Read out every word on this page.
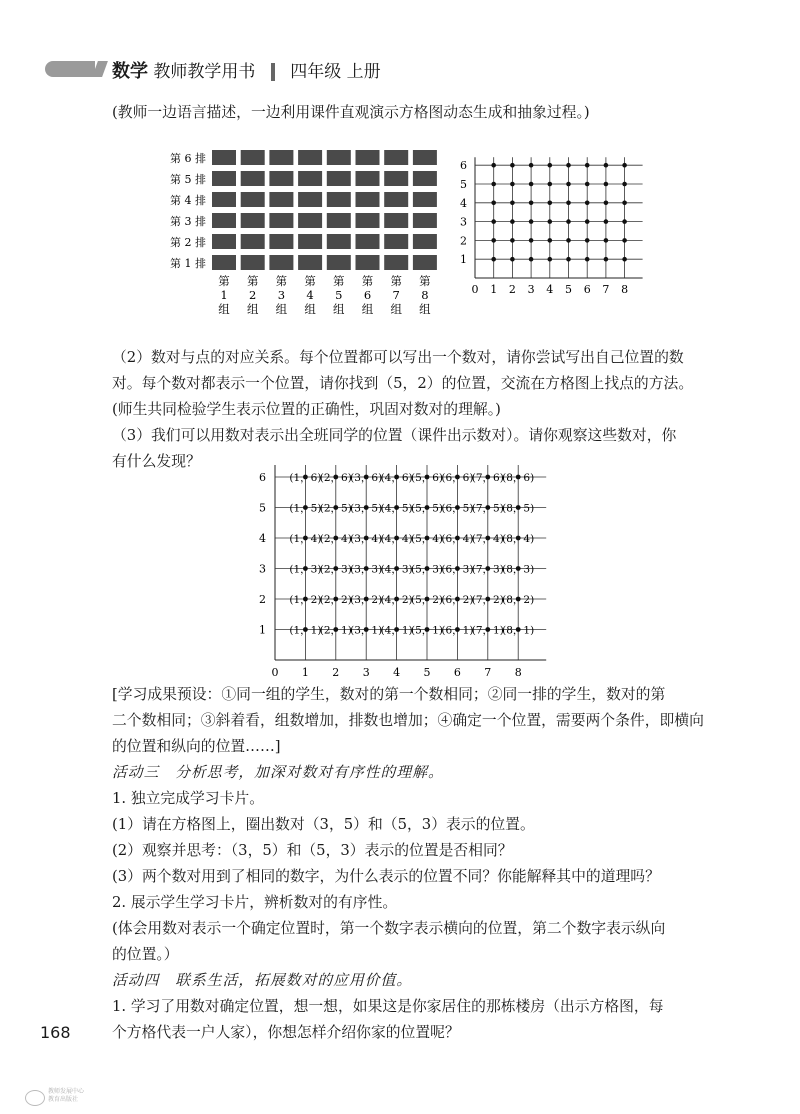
数学 教师教学用书 四年级 上册
(教师一边语言描述，一边利用课件直观演示方格图动态生成和抽象过程。)
第 6 排
第 5 排
第 4 排
第 3 排
第 2 排
第 1 排
第
1
组
第
2
组
第
3
组
第
4
组
第
5
组
第
6
组
第
7
组
第
8
组
0 1 2 3 4 5 6 7 8
1
2
3
4
5
6
（2）数对与点的对应关系。每个位置都可以写出一个数对，请你尝试写出自己位置的数
对。每个数对都表示一个位置，请你找到（5，2）的位置，交流在方格图上找点的方法。
(师生共同检验学生表示位置的正确性，巩固对数对的理解。)
（3）我们可以用数对表示出全班同学的位置（课件出示数对）。请你观察这些数对，你
有什么发现？
(1，1)
(2，1)
(3，1)
(4，1)
(5，1)
(6，1)
(7，1)
(8，1)
(1，2)
(2，2)
(3，2)
(4，2)
(5，2)
(6，2)
(7，2)
(8，2)
(1，3)
(2，3)
(3，3)
(4，3)
(5，3)
(6，3)
(7，3)
(8，3)
(1，4)
(2，4)
(3，4)
(4，4)
(5，4)
(6，4)
(7，4)
(8，4)
(1，5)
(2，5)
(3，5)
(4，5)
(5，5)
(6，5)
(7，5)
(8，5)
(1，6)
(2，6)
(3，6)
(4，6)
(5，6)
(6，6)
(7，6)
(8，6)
0 1 2 3 4 5 6 7 8
1
2
3
4
5
6
[学习成果预设：①同一组的学生，数对的第一个数相同；②同一排的学生，数对的第
二个数相同；③斜着看，组数增加，排数也增加；④确定一个位置，需要两个条件，即横向
的位置和纵向的位置……]
活动三　分析思考，加深对数对有序性的理解。
1. 独立完成学习卡片。
(1）请在方格图上，圈出数对（3，5）和（5，3）表示的位置。
(2）观察并思考：（3，5）和（5，3）表示的位置是否相同？
(3）两个数对用到了相同的数字，为什么表示的位置不同？你能解释其中的道理吗？
2. 展示学生学习卡片，辨析数对的有序性。
(体会用数对表示一个确定位置时，第一个数字表示横向的位置，第二个数字表示纵向
的位置。）
活动四　联系生活，拓展数对的应用价值。
1. 学习了用数对确定位置，想一想，如果这是你家居住的那栋楼房（出示方格图，每
个方格代表一户人家），你想怎样介绍你家的位置呢？
168
教师发展中心
教育出版社
